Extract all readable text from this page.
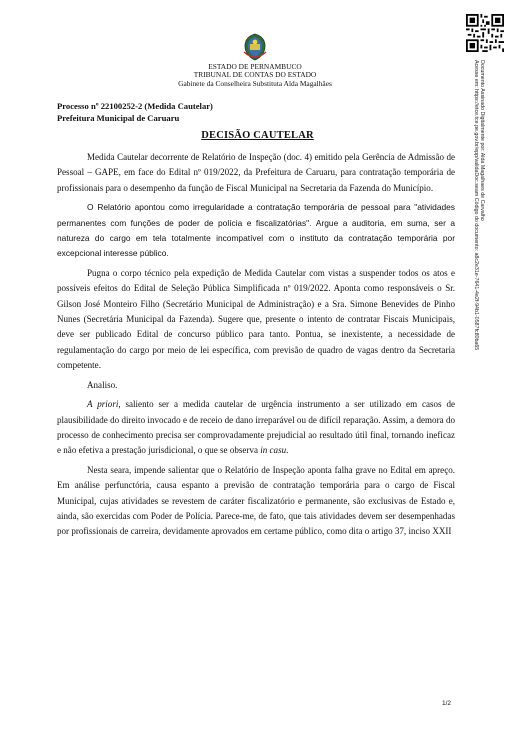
Documento Assinado Digitalmente por: Alda Magalhaes de Carvalho
Acesse em: https://etce.tce.pe.gov.br/epp/validaDoc.seam Código do documento: a8c2e31e-7641-4e2f-94b1-0587fc80ba65
ESTADO DE PERNAMBUCO
TRIBUNAL DE CONTAS DO ESTADO
Gabinete da Conselheira Substituta Alda Magalhães
Processo nº 22100252-2 (Medida Cautelar)
Prefeitura Municipal de Caruaru
DECISÃO CAUTELAR

Medida Cautelar decorrente de Relatório de Inspeção (doc. 4) emitido pela Gerência de Admissão de Pessoal – GAPE, em face do Edital nº 019/2022, da Prefeitura de Caruaru, para contratação temporária de profissionais para o desempenho da função de Fiscal Municipal na Secretaria da Fazenda do Município.

O Relatório apontou como irregularidade a contratação temporária de pessoal para "atividades permanentes com funções de poder de polícia e fiscalizatórias". Argue a auditoria, em suma, ser a natureza do cargo em tela totalmente incompatível com o instituto da contratação temporária por excepcional interesse público.

Pugna o corpo técnico pela expedição de Medida Cautelar com vistas a suspender todos os atos e possíveis efeitos do Edital de Seleção Pública Simplificada nº 019/2022. Aponta como responsáveis o Sr. Gilson José Monteiro Filho (Secretário Municipal de Administração) e a Sra. Simone Benevides de Pinho Nunes (Secretária Municipal da Fazenda). Sugere que, presente o intento de contratar Fiscais Municipais, deve ser publicado Edital de concurso público para tanto. Pontua, se inexistente, a necessidade de regulamentação do cargo por meio de lei específica, com previsão de quadro de vagas dentro da Secretaria competente.

Analiso.

A priori, saliento ser a medida cautelar de urgência instrumento a ser utilizado em casos de plausibilidade do direito invocado e de receio de dano irreparável ou de difícil reparação. Assim, a demora do processo de conhecimento precisa ser comprovadamente prejudicial ao resultado útil final, tornando ineficaz e não efetiva a prestação jurisdicional, o que se observa in casu.

Nesta seara, impende salientar que o Relatório de Inspeção aponta falha grave no Edital em apreço. Em análise perfunctória, causa espanto a previsão de contratação temporária para o cargo de Fiscal Municipal, cujas atividades se revestem de caráter fiscalizatório e permanente, são exclusivas de Estado e, ainda, são exercidas com Poder de Polícia. Parece-me, de fato, que tais atividades devem ser desempenhadas por profissionais de carreira, devidamente aprovados em certame público, como dita o artigo 37, inciso XXII

1/2
